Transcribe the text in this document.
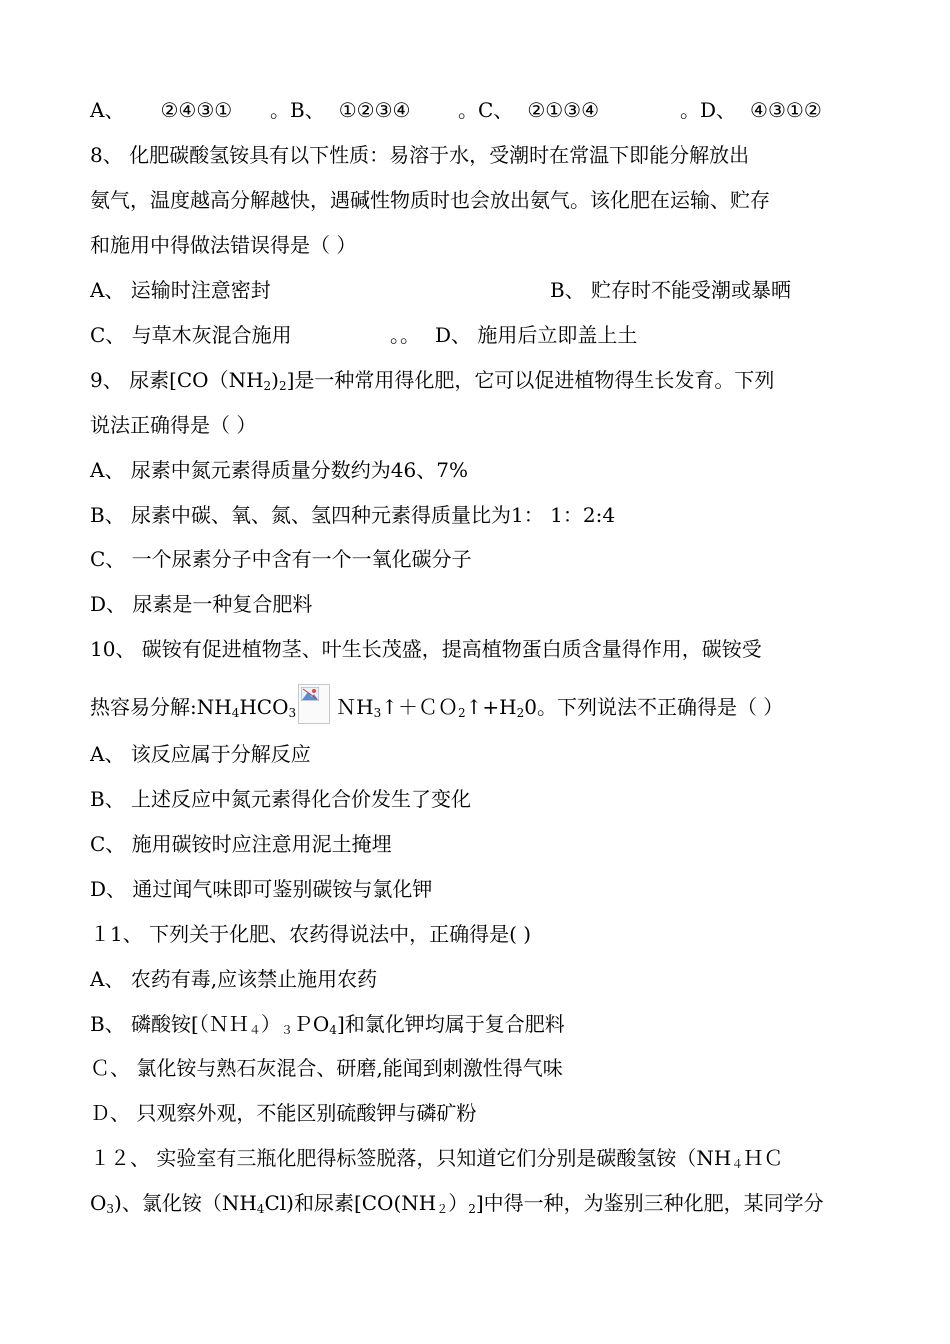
A、 ②④③① 。B、 ①②③④ 。C、 ②①③④	。D、 ④③①②
8、 化肥碳酸氢铵具有以下性质：易溶于水，受潮时在常温下即能分解放出
氨气，温度越高分解越快，遇碱性物质时也会放出氨气。该化肥在运输、贮存
和施用中得做法错误得是（ ）
A、 运输时注意密封	B、 贮存时不能受潮或暴晒
C、 与草木灰混合施用	。。 D、 施用后立即盖上土
9、 尿素$[CO(NH_2)_2]$是一种常用得化肥，它可以促进植物得生长发育。下列
说法正确得是（ ）
A、 尿素中氮元素得质量分数约为46、7%
B、 尿素中碳、氧、氮、氢四种元素得质量比为1： 1：2:4
C、 一个尿素分子中含有一个一氧化碳分子
D、 尿素是一种复合肥料
10、 碳铵有促进植物茎、叶生长茂盛，提高植物蛋白质含量得作用，碳铵受
热容易分解$:NH_4HCO_3$ $NH_3↑+CO_2↑+H_20$。下列说法不正确得是（ ）
A、 该反应属于分解反应
B、 上述反应中氮元素得化合价发生了变化
C、 施用碳铵时应注意用泥土掩埋
D、 通过闻气味即可鉴别碳铵与氯化钾
１1、 下列关于化肥、农药得说法中，正确得是( )
A、 农药有毒,应该禁止施用农药
B、 磷酸铵$[(NH_4)_3PO_4]$和氯化钾均属于复合肥料
Ｃ、 氯化铵与熟石灰混合、研磨,能闻到刺激性得气味
Ｄ、 只观察外观，不能区别硫酸钾与磷矿粉
１２、 实验室有三瓶化肥得标签脱落，只知道它们分别是碳酸氢铵（$NH_4HC$
$O_3$)、氯化铵$(NH_4Cl)$和尿素$[CO(NH_2)_2]$中得一种，为鉴别三种化肥，某同学分
